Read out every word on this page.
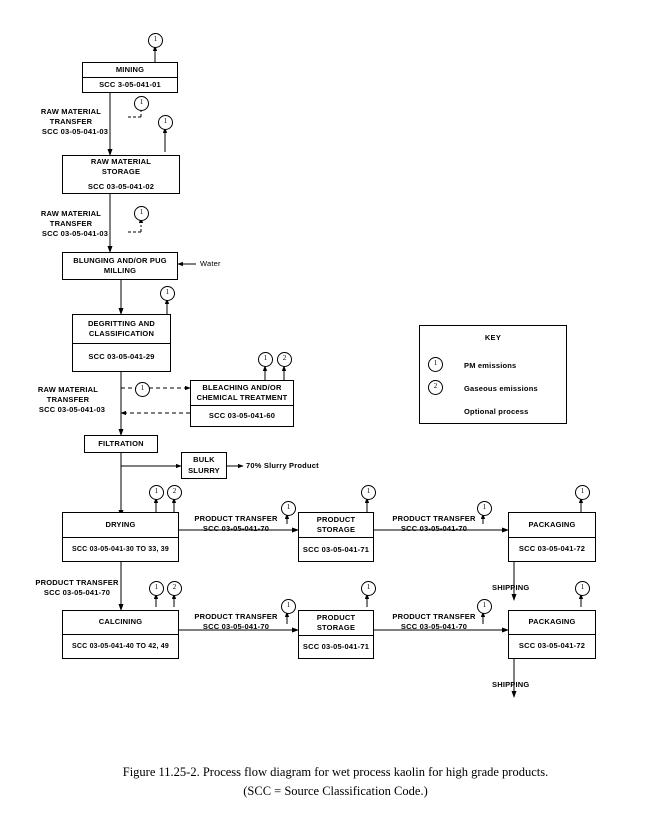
MINING
SCC 3-05-041-01
RAW MATERIAL
STORAGE
SCC 03-05-041-02
BLUNGING AND/OR PUG
MILLING
DEGRITTING AND
CLASSIFICATION
SCC 03-05-041-29
BLEACHING AND/OR
CHEMICAL TREATMENT
SCC 03-05-041-60
FILTRATION
BULK
SLURRY
DRYING
SCC 03-05-041-30 TO 33, 39
CALCINING
SCC 03-05-041-40 TO 42, 49
PRODUCT
STORAGE
SCC 03-05-041-71
PRODUCT
STORAGE
SCC 03-05-041-71
PACKAGING
SCC 03-05-041-72
PACKAGING
SCC 03-05-041-72
RAW MATERIAL
TRANSFER
SCC 03-05-041-03
RAW MATERIAL
TRANSFER
SCC 03-05-041-03
RAW MATERIAL
TRANSFER
SCC 03-05-041-03
PRODUCT TRANSFER
SCC 03-05-041-70
PRODUCT TRANSFER
SCC 03-05-041-70
PRODUCT TRANSFER
SCC 03-05-041-70
PRODUCT TRANSFER
SCC 03-05-041-70
PRODUCT TRANSFER
SCC 03-05-041-70
Water
70% Slurry Product
SHIPPING
SHIPPING
1
1
1
1
1
1	2
1
1	2
1
1
1
1
1	2
1
1
1
1
KEY
PM emissions
Gaseous emissions
Optional process
1
2
Figure 11.25-2. Process flow diagram for wet process kaolin for high grade products.
(SCC = Source Classification Code.)
